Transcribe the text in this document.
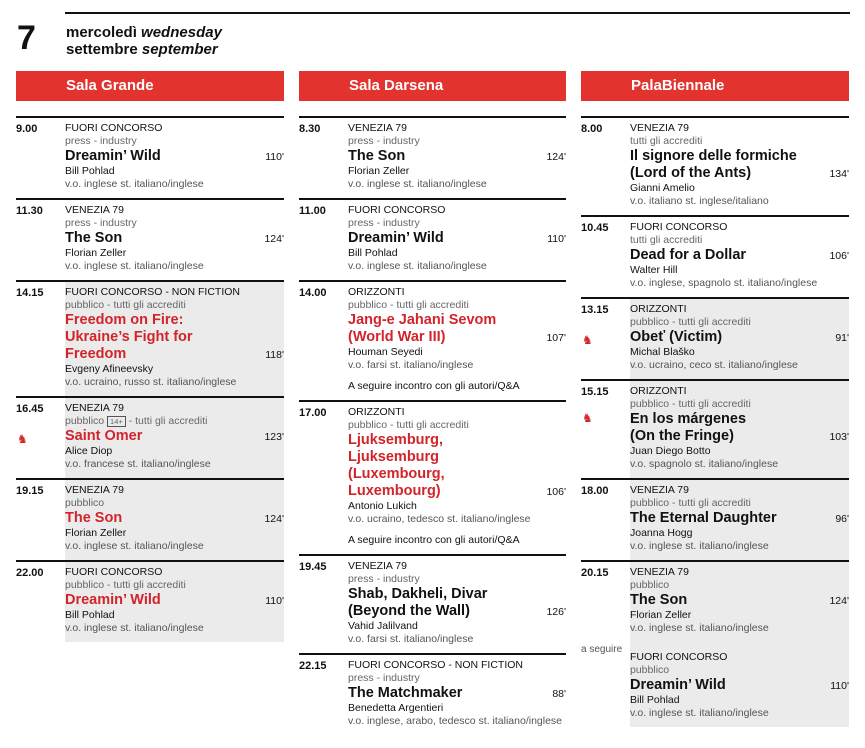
7 mercoledì wednesday
settembre september
Sala Grande	Sala Darsena	PalaBiennale
9.00	FUORI CONCORSO
press - industry
Dreamin’ Wild	110'
Bill Pohlad
v.o. inglese st. italiano/inglese
11.30 VENEZIA 79
press - industry
The Son	124'
Florian Zeller
v.o. inglese st. italiano/inglese
14.15 FUORI CONCORSO - NON FICTION
pubblico - tutti gli accrediti
Freedom on Fire:
Ukraine’s Fight for Freedom	118'
Evgeny Afineevsky
v.o. ucraino, russo st. italiano/inglese
16.45
♞
VENEZIA 79
pubblico 14+ - tutti gli accrediti
Saint Omer	123'
Alice Diop
v.o. francese st. italiano/inglese
19.15 VENEZIA 79
pubblico
The Son	124'
Florian Zeller
v.o. inglese st. italiano/inglese
22.00 FUORI CONCORSO
pubblico - tutti gli accrediti
Dreamin’ Wild	110'
Bill Pohlad
v.o. inglese st. italiano/inglese
8.30	VENEZIA 79
press - industry
The Son	124'
Florian Zeller
v.o. inglese st. italiano/inglese
11.00 FUORI CONCORSO
press - industry
Dreamin’ Wild	110'
Bill Pohlad
v.o. inglese st. italiano/inglese
14.00 ORIZZONTI
pubblico - tutti gli accrediti
Jang-e Jahani Sevom
(World War III)	107'
Houman Seyedi
v.o. farsi st. italiano/inglese
A seguire incontro con gli autori/Q&A
17.00 ORIZZONTI
pubblico - tutti gli accrediti
Ljuksemburg, Ljuksemburg
(Luxembourg, Luxembourg)	106'
Antonio Lukich
v.o. ucraino, tedesco st. italiano/inglese
A seguire incontro con gli autori/Q&A
19.45 VENEZIA 79
press - industry
Shab, Dakheli, Divar
(Beyond the Wall)	126'
Vahid Jalilvand
v.o. farsi st. italiano/inglese
22.15 FUORI CONCORSO - NON FICTION
press - industry
The Matchmaker	88'
Benedetta Argentieri
v.o. inglese, arabo, tedesco st. italiano/inglese
8.00	VENEZIA 79
tutti gli accrediti
Il signore delle formiche
(Lord of the Ants)	134'
Gianni Amelio
v.o. italiano st. inglese/italiano
10.45 FUORI CONCORSO
tutti gli accrediti
Dead for a Dollar	106'
Walter Hill
v.o. inglese, spagnolo st. italiano/inglese
13.15
♞
ORIZZONTI
pubblico - tutti gli accrediti
Obeť (Victim)	91'
Michal Blaško
v.o. ucraino, ceco st. italiano/inglese
15.15
♞
ORIZZONTI
pubblico - tutti gli accrediti
En los márgenes
(On the Fringe)	103'
Juan Diego Botto
v.o. spagnolo st. italiano/inglese
18.00 VENEZIA 79
pubblico - tutti gli accrediti
The Eternal Daughter	96'
Joanna Hogg
v.o. inglese st. italiano/inglese
20.15 VENEZIA 79
pubblico
The Son	124'
Florian Zeller
v.o. inglese st. italiano/inglese
a seguire
FUORI CONCORSO
pubblico
Dreamin’ Wild	110'
Bill Pohlad
v.o. inglese st. italiano/inglese
